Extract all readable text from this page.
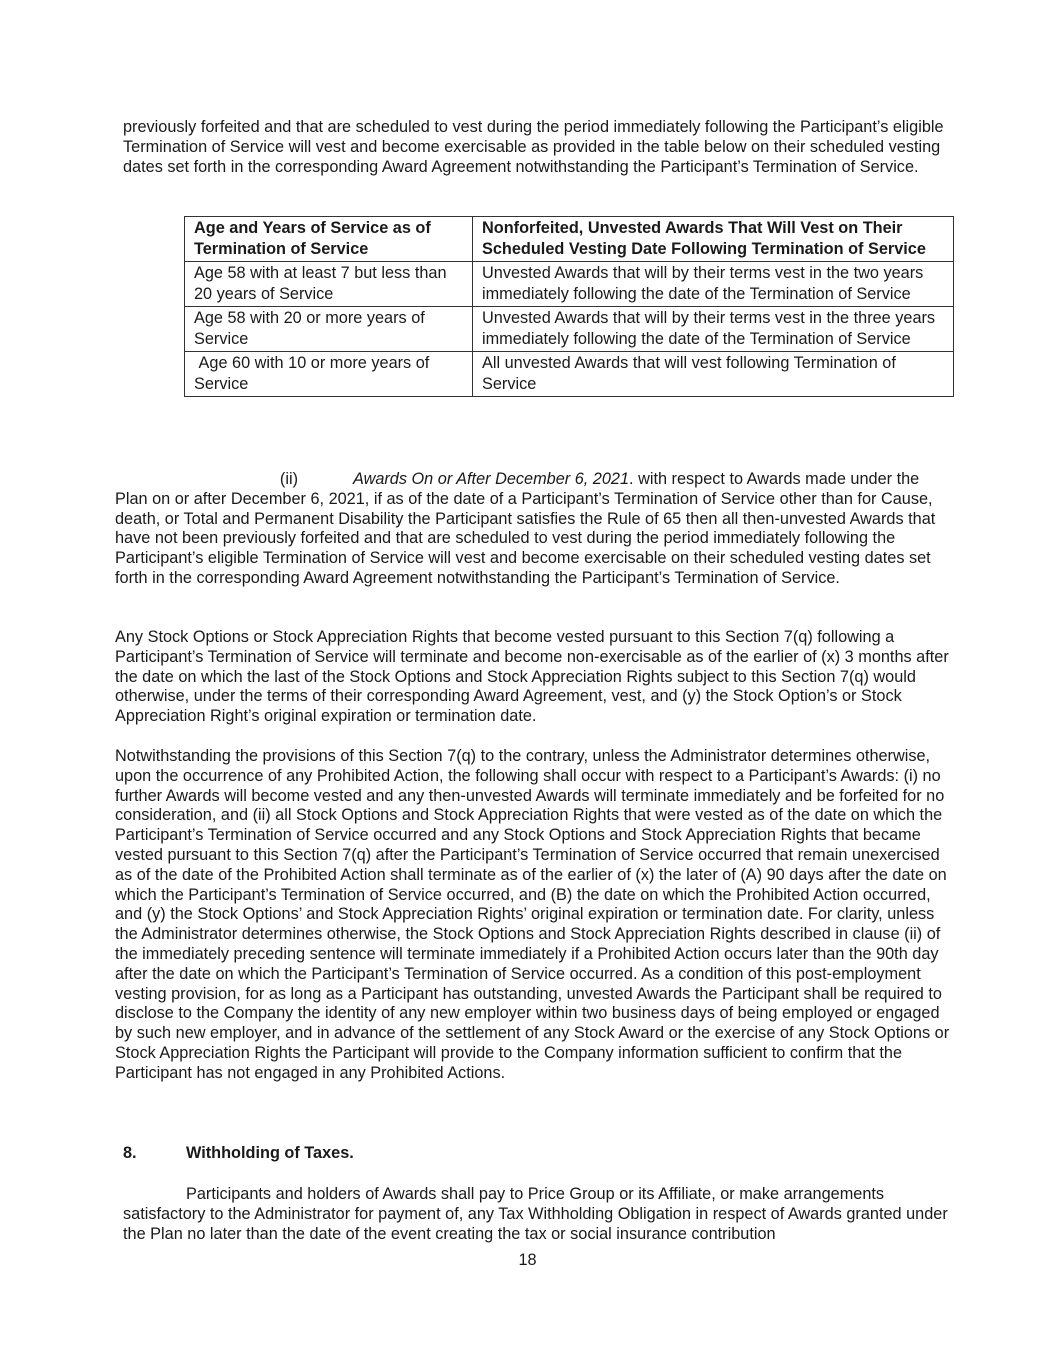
previously forfeited and that are scheduled to vest during the period immediately following the Participant’s eligible Termination of Service will vest and become exercisable as provided in the table below on their scheduled vesting dates set forth in the corresponding Award Agreement notwithstanding the Participant’s Termination of Service.

Age and Years of Service as of Termination of Service	Nonforfeited, Unvested Awards That Will Vest on Their Scheduled Vesting Date Following Termination of Service
Age 58 with at least 7 but less than 20 years of Service	Unvested Awards that will by their terms vest in the two years immediately following the date of the Termination of Service
Age 58 with 20 or more years of Service	Unvested Awards that will by their terms vest in the three years immediately following the date of the Termination of Service
Age 60 with 10 or more years of Service	All unvested Awards that will vest following Termination of Service

(ii)	Awards On or After December 6, 2021. with respect to Awards made under the Plan on or after December 6, 2021, if as of the date of a Participant’s Termination of Service other than for Cause, death, or Total and Permanent Disability the Participant satisfies the Rule of 65 then all then-unvested Awards that have not been previously forfeited and that are scheduled to vest during the period immediately following the Participant’s eligible Termination of Service will vest and become exercisable on their scheduled vesting dates set forth in the corresponding Award Agreement notwithstanding the Participant’s Termination of Service.

Any Stock Options or Stock Appreciation Rights that become vested pursuant to this Section 7(q) following a Participant’s Termination of Service will terminate and become non-exercisable as of the earlier of (x) 3 months after the date on which the last of the Stock Options and Stock Appreciation Rights subject to this Section 7(q) would otherwise, under the terms of their corresponding Award Agreement, vest, and (y) the Stock Option’s or Stock Appreciation Right’s original expiration or termination date.

Notwithstanding the provisions of this Section 7(q) to the contrary, unless the Administrator determines otherwise, upon the occurrence of any Prohibited Action, the following shall occur with respect to a Participant’s Awards: (i) no further Awards will become vested and any then-unvested Awards will terminate immediately and be forfeited for no consideration, and (ii) all Stock Options and Stock Appreciation Rights that were vested as of the date on which the Participant’s Termination of Service occurred and any Stock Options and Stock Appreciation Rights that became vested pursuant to this Section 7(q) after the Participant’s Termination of Service occurred that remain unexercised as of the date of the Prohibited Action shall terminate as of the earlier of (x) the later of (A) 90 days after the date on which the Participant’s Termination of Service occurred, and (B) the date on which the Prohibited Action occurred, and (y) the Stock Options’ and Stock Appreciation Rights’ original expiration or termination date. For clarity, unless the Administrator determines otherwise, the Stock Options and Stock Appreciation Rights described in clause (ii) of the immediately preceding sentence will terminate immediately if a Prohibited Action occurs later than the 90th day after the date on which the Participant’s Termination of Service occurred. As a condition of this post-employment vesting provision, for as long as a Participant has outstanding, unvested Awards the Participant shall be required to disclose to the Company the identity of any new employer within two business days of being employed or engaged by such new employer, and in advance of the settlement of any Stock Award or the exercise of any Stock Options or Stock Appreciation Rights the Participant will provide to the Company information sufficient to confirm that the Participant has not engaged in any Prohibited Actions.

8.	Withholding of Taxes.

Participants and holders of Awards shall pay to Price Group or its Affiliate, or make arrangements satisfactory to the Administrator for payment of, any Tax Withholding Obligation in respect of Awards granted under the Plan no later than the date of the event creating the tax or social insurance contribution

18
